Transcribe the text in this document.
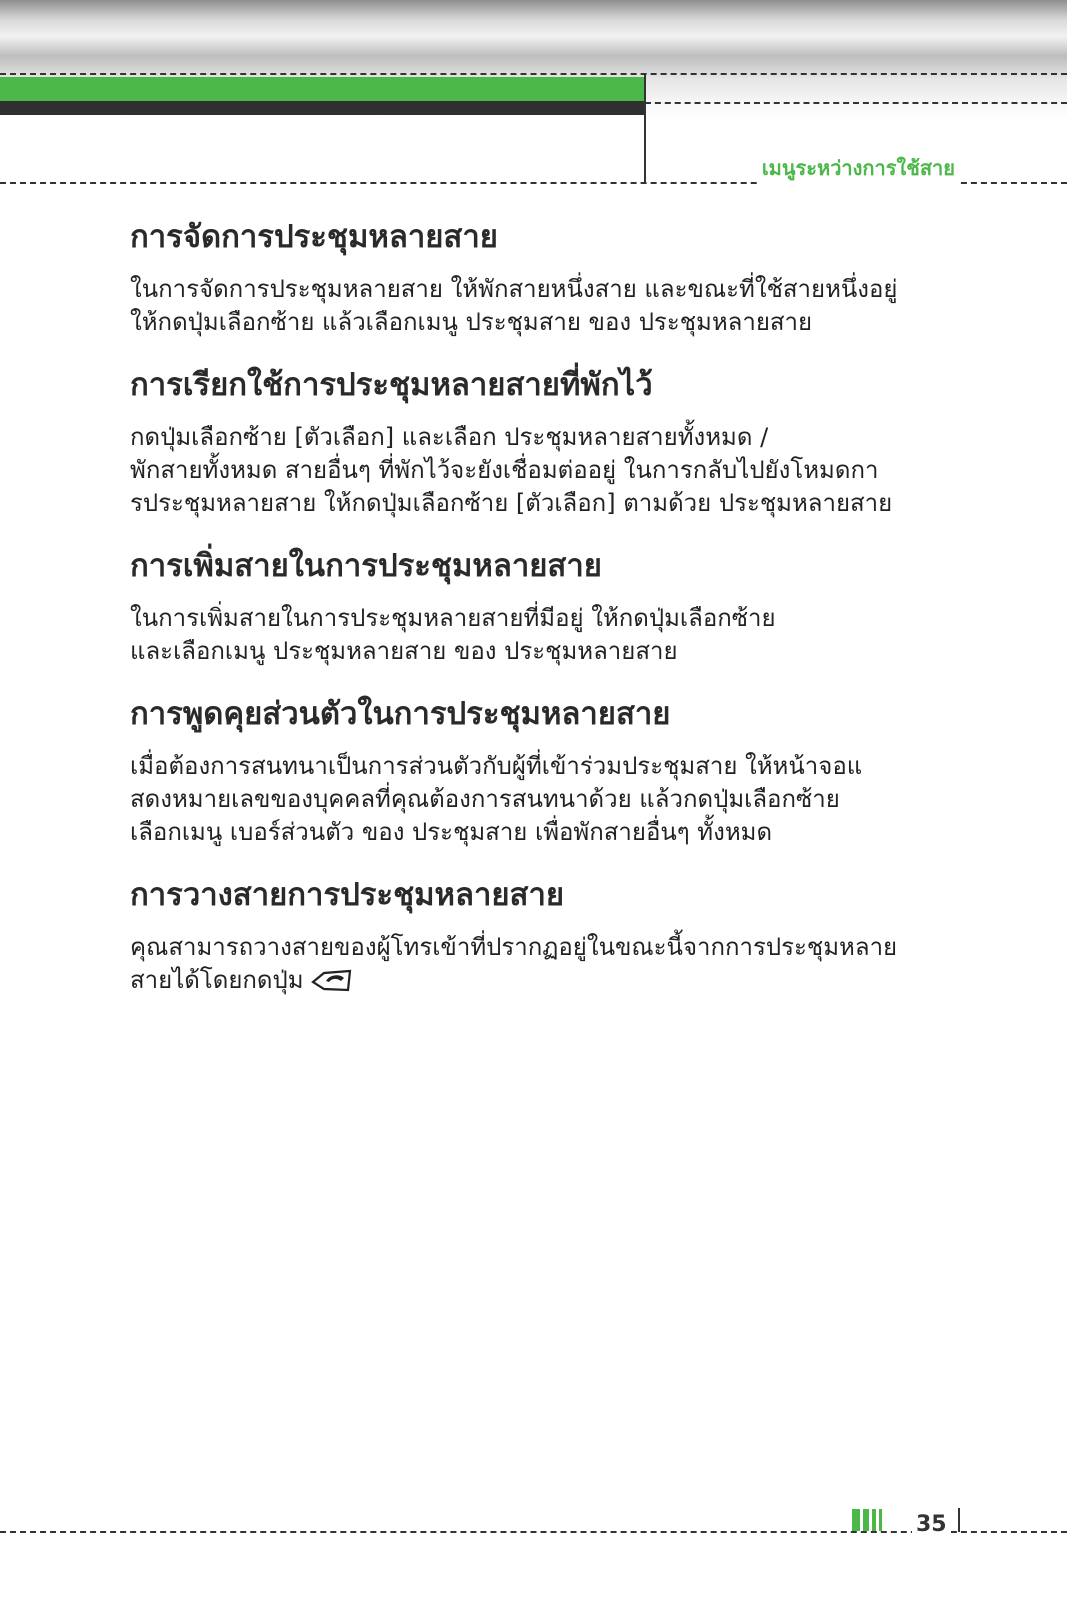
เมนูระหว่างการใช้สาย
การจัดการประชุมหลายสาย

ในการจัดการประชุมหลายสาย ให้พักสายหนึ่งสาย และขณะที่ใช้สายหนึ่งอยู่
ให้กดปุ่มเลือกซ้าย แล้วเลือกเมนู ประชุมสาย ของ ประชุมหลายสาย

การเรียกใช้การประชุมหลายสายที่พักไว้

กดปุ่มเลือกซ้าย [ตัวเลือก] และเลือก ประชุมหลายสายทั้งหมด /
พักสายทั้งหมด สายอื่นๆ ที่พักไว้จะยังเชื่อมต่ออยู่ ในการกลับไปยังโหมดกา
รประชุมหลายสาย ให้กดปุ่มเลือกซ้าย [ตัวเลือก] ตามด้วย ประชุมหลายสาย

การเพิ่มสายในการประชุมหลายสาย

ในการเพิ่มสายในการประชุมหลายสายที่มีอยู่ ให้กดปุ่มเลือกซ้าย
และเลือกเมนู ประชุมหลายสาย ของ ประชุมหลายสาย

การพูดคุยส่วนตัวในการประชุมหลายสาย

เมื่อต้องการสนทนาเป็นการส่วนตัวกับผู้ที่เข้าร่วมประชุมสาย ให้หน้าจอแ
สดงหมายเลขของบุคคลที่คุณต้องการสนทนาด้วย แล้วกดปุ่มเลือกซ้าย
เลือกเมนู เบอร์ส่วนตัว ของ ประชุมสาย เพื่อพักสายอื่นๆ ทั้งหมด

การวางสายการประชุมหลายสาย

คุณสามารถวางสายของผู้โทรเข้าที่ปรากฏอยู่ในขณะนี้จากการประชุมหลาย
สายได้โดยกดปุ่ม

35
